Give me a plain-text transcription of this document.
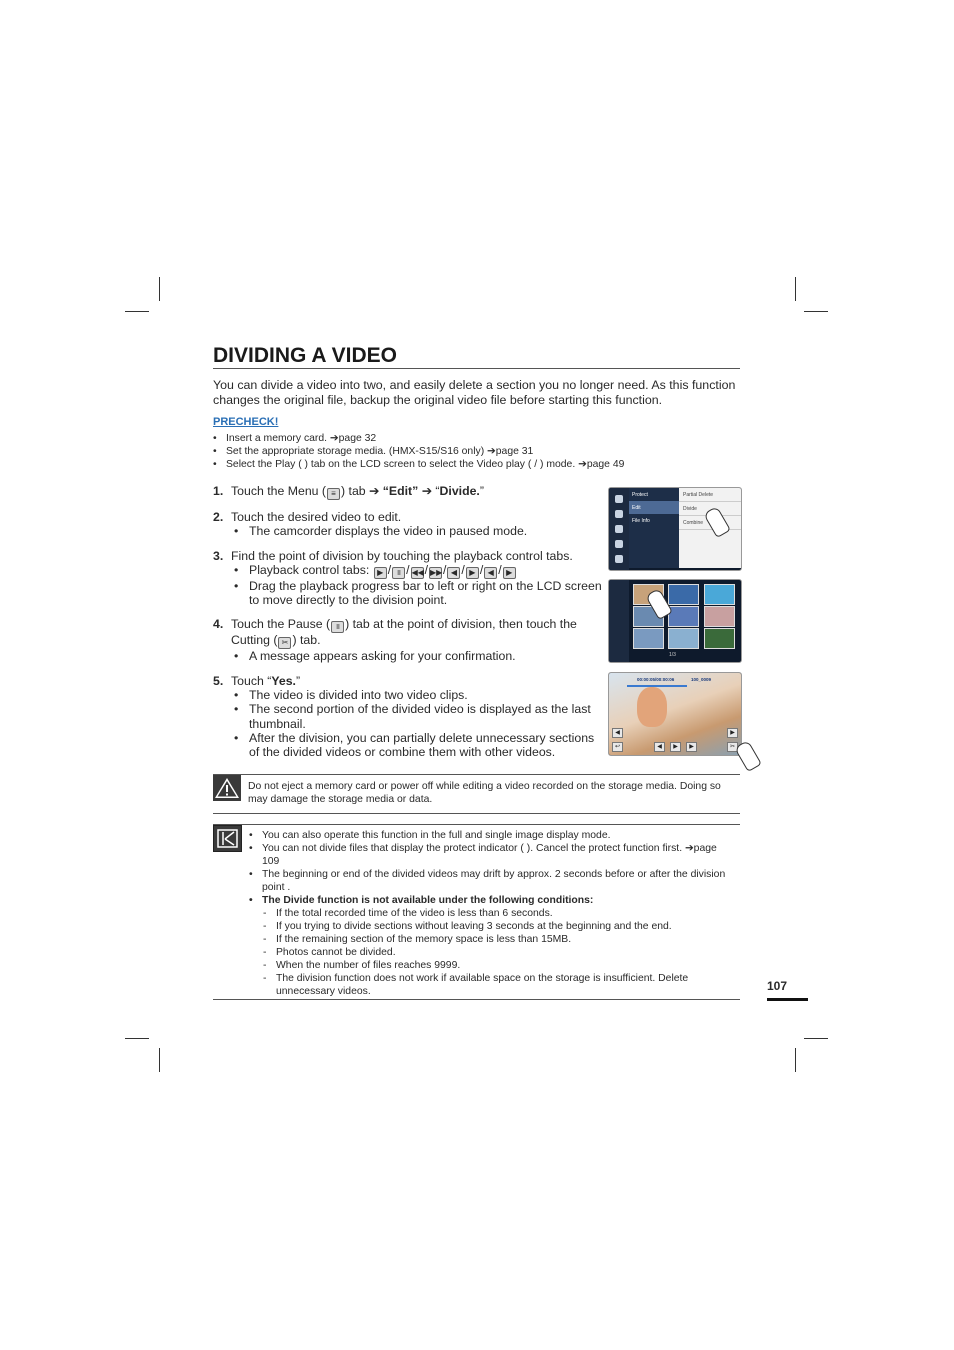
DIVIDING A VIDEO
You can divide a video into two, and easily delete a section you no longer need. As this function changes the original file, backup the original video file before starting this function.
PRECHECK!
• Insert a memory card. ➔page 32
• Set the appropriate storage media. (HMX-S15/S16 only) ➔page 31
• Select the Play ( ) tab on the LCD screen to select the Video play ( / ) mode. ➔page 49
1. Touch the Menu ( ≡ ) tab ➔ “Edit” ➔ “Divide.”
2. Touch the desired video to edit.
• The camcorder displays the video in paused mode.
3. Find the point of division by touching the playback control tabs.
• Playback control tabs: ▶ / ॥ / ◀◀/ ▶▶/ ◀ / ▶ / ◀ / ▶
• Drag the playback progress bar to left or right on the LCD screen to move directly to the division point.
4. Touch the Pause ( ॥ ) tab at the point of division, then touch the Cutting ( ✂ ) tab.
• A message appears asking for your confirmation.
5. Touch “Yes.”
• The video is divided into two video clips.
• The second portion of the divided video is displayed as the last thumbnail.
• After the division, you can partially delete unnecessary sections of the divided videos or combine them with other videos.
Protect
Edit
File Info
Partial Delete
Divide
Combine
1/3
00:00:05/00:00:06	100_0009
◀	▶
↩	◀	▶	▶	✂
Do not eject a memory card or power off while editing a video recorded on the storage media. Doing so may damage the storage media or data.
• You can also operate this function in the full and single image display mode.
• You can not divide files that display the protect indicator ( ). Cancel the protect function first. ➔page 109
• The beginning or end of the divided videos may drift by approx. 2 seconds before or after the division point .
• The Divide function is not available under the following conditions:
- If the total recorded time of the video is less than 6 seconds.
- If you trying to divide sections without leaving 3 seconds at the beginning and the end.
- If the remaining section of the memory space is less than 15MB.
- Photos cannot be divided.
- When the number of files reaches 9999.
- The division function does not work if available space on the storage is insufficient. Delete unnecessary videos.	107
